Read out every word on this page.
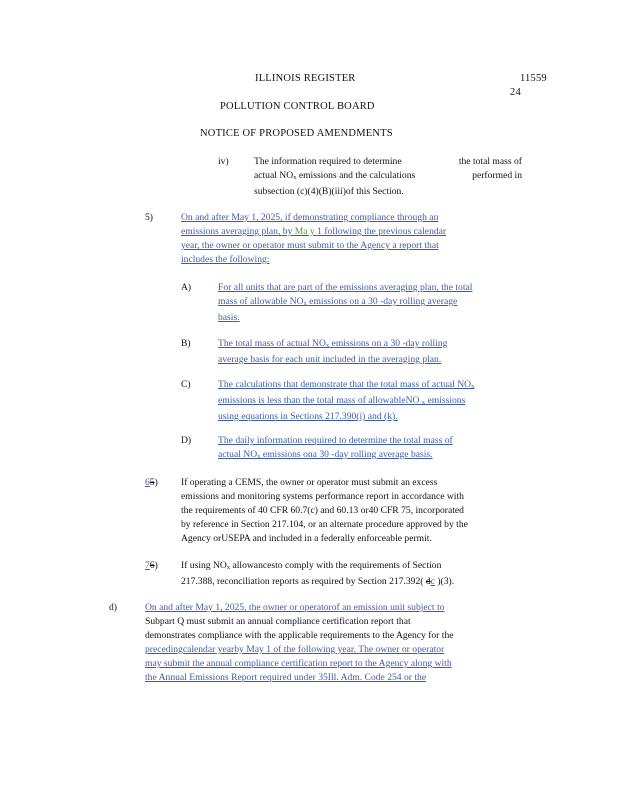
ILLINOIS REGISTER	11559
24
POLLUTION CONTROL BOARD
NOTICE OF PROPOSED AMENDMENTS
iv)	The information required to determine	the total mass of
actual $NO_x$ emissions and the calculations	performed in
subsection (c)(4)(B)(iii)of this Section.
5)	On and after May 1, 2025, if demonstrating compliance through an
emissions averaging plan, by Ma y 1 following the previous calendar
year, the owner or operator must submit to the Agency a report that
includes the following:
A)	For all units that are part of the emissions averaging plan, the total
mass of allowable $NO_x$ emissions on a 30 -day rolling average
basis.
B)	The total mass of actual $NO_x$ emissions on a 30 -day rolling
average basis for each unit included in the averaging plan.
C)	The calculations that demonstrate that the total mass of actual $NO_x$
emissions is less than the total mass of allowableNO $_x$ emissions
using equations in Sections 217.390(j) and (k).
D)	The daily information required to determine the total mass of
actual $NO_x$ emissions ona 30 -day rolling average basis.
65) If operating a CEMS, the owner or operator must submit an excess
emissions and monitoring systems performance report in accordance with
the requirements of 40 CFR 60.7(c) and 60.13 or40 CFR 75, incorporated
by reference in Section 217.104, or an alternate procedure approved by the
Agency orUSEPA and included in a federally enforceable permit.
76) If using $NO_x$ allowancesto comply with the requirements of Section
217.388, reconciliation reports as required by Section 217.392( dc )(3).
d)	On and after May 1, 2025, the owner or operatorof an emission unit subject to
Subpart Q must submit an annual compliance certification report that
demonstrates compliance with the applicable requirements to the Agency for the
precedingcalendar yearby May 1 of the following year. The owner or operator
may submit the annual compliance certification report to the Agency along with
the Annual Emissions Report required under 35Ill. Adm. Code 254 or the
